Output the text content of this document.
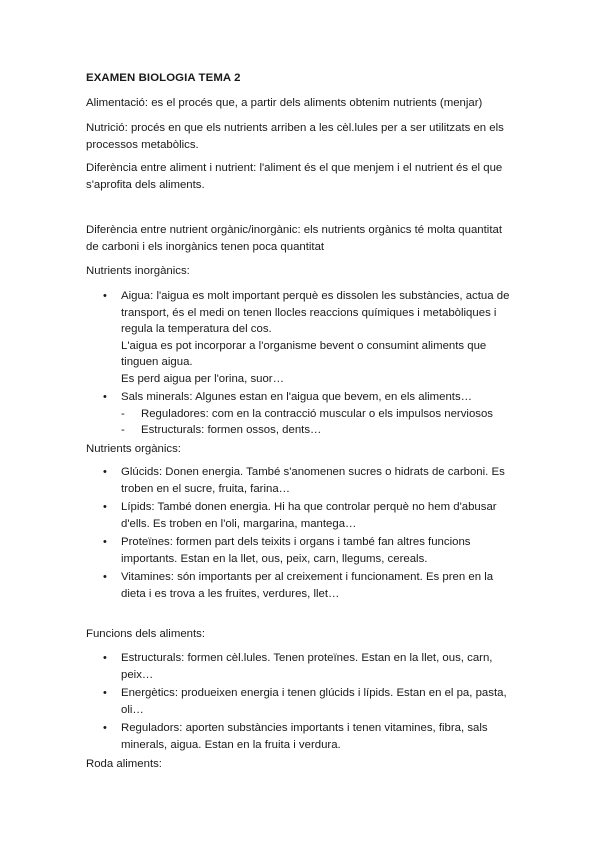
EXAMEN BIOLOGIA TEMA 2

Alimentació: es el procés que, a partir dels aliments obtenim nutrients (menjar)

Nutrició: procés en que els nutrients arriben a les cèl.lules per a ser utilitzats en els
processos metabòlics.

Diferència entre aliment i nutrient: l'aliment és el que menjem i el nutrient és el que
s'aprofita dels aliments.

Diferència entre nutrient orgànic/inorgànic: els nutrients orgànics té molta quantitat
de carboni i els inorgànics tenen poca quantitat

Nutrients inorgànics:

• Aigua: l'aigua es molt important perquè es dissolen les substàncies, actua de
transport, és el medi on tenen llocles reaccions químiques i metabòliques i
regula la temperatura del cos.
L'aigua es pot incorporar a l'organisme bevent o consumint aliments que
tinguen aigua.
Es perd aigua per l'orina, suor…
• Sals minerals: Algunes estan en l'aigua que bevem, en els aliments…
- Reguladores: com en la contracció muscular o els impulsos nerviosos
- Estructurals: formen ossos, dents…

Nutrients orgànics:

• Glúcids: Donen energia. També s'anomenen sucres o hidrats de carboni. Es
troben en el sucre, fruita, farina…
• Lípids: També donen energia. Hi ha que controlar perquè no hem d'abusar
d'ells. Es troben en l'oli, margarina, mantega…
• Proteïnes: formen part dels teixits i organs i també fan altres funcions
importants. Estan en la llet, ous, peix, carn, llegums, cereals.
• Vitamines: són importants per al creixement i funcionament. Es pren en la
dieta i es trova a les fruites, verdures, llet…

Funcions dels aliments:

• Estructurals: formen cèl.lules. Tenen proteïnes. Estan en la llet, ous, carn,
peix…
• Energètics: produeixen energia i tenen glúcids i lípids. Estan en el pa, pasta,
oli…
• Reguladors: aporten substàncies importants i tenen vitamines, fibra, sals
minerals, aigua. Estan en la fruita i verdura.

Roda aliments:
